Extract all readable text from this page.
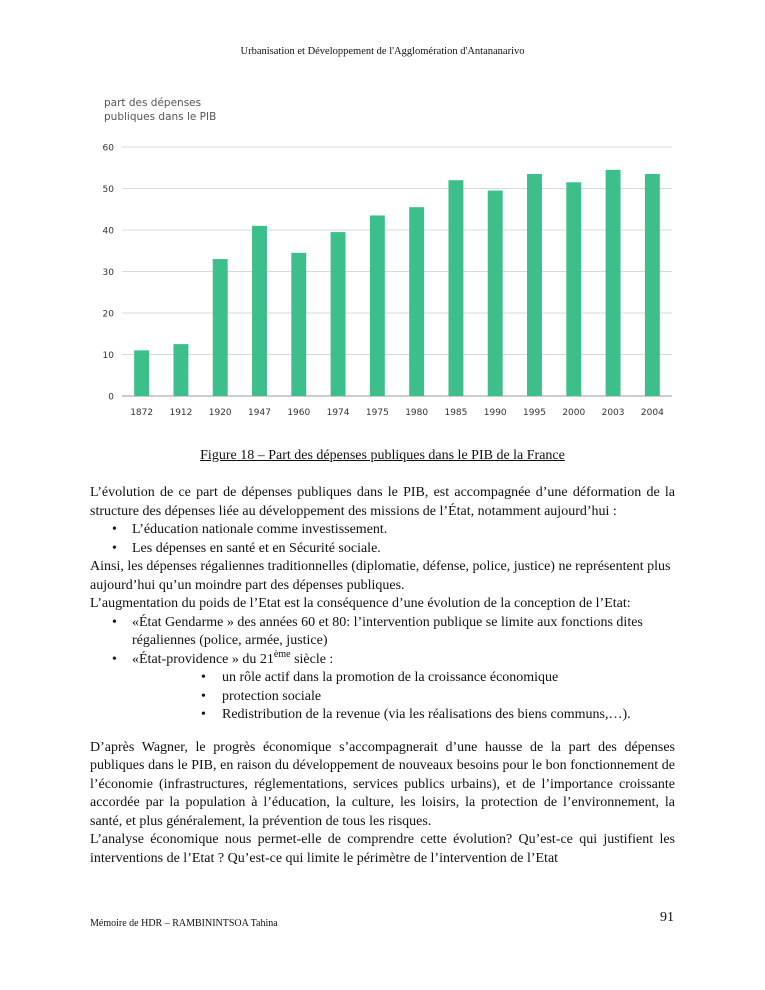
Urbanisation et Développement de l'Agglomération d'Antananarivo
part des dépenses
publiques dans le PIB
0
10
20
30
40
50
60
1872 1912 1920 1947 1960 1974 1975 1980 1985 1990 1995 2000 2003 2004
Figure 18 – Part des dépenses publiques dans le PIB de la France

L’évolution de ce part de dépenses publiques dans le PIB, est accompagnée d’une déformation de la structure des dépenses liée au développement des missions de l’État, notamment aujourd’hui :

• L’éducation nationale comme investissement.
• Les dépenses en santé et en Sécurité sociale.

Ainsi, les dépenses régaliennes traditionnelles (diplomatie, défense, police, justice) ne représentent plus aujourd’hui qu’un moindre part des dépenses publiques.

L’augmentation du poids de l’Etat est la conséquence d’une évolution de la conception de l’Etat:

• «État Gendarme » des années 60 et 80: l’intervention publique se limite aux fonctions dites régaliennes (police, armée, justice)
• «État-providence » du 21ème siècle :
• un rôle actif dans la promotion de la croissance économique
• protection sociale
• Redistribution de la revenue (via les réalisations des biens communs,…).

D’après Wagner, le progrès économique s’accompagnerait d’une hausse de la part des dépenses publiques dans le PIB, en raison du développement de nouveaux besoins pour le bon fonctionnement de l’économie (infrastructures, réglementations, services publics urbains), et de l’importance croissante accordée par la population à l’éducation, la culture, les loisirs, la protection de l’environnement, la santé, et plus généralement, la prévention de tous les risques.

L’analyse économique nous permet-elle de comprendre cette évolution? Qu’est-ce qui justifient les interventions de l’Etat ? Qu’est-ce qui limite le périmètre de l’intervention de l’Etat

Mémoire de HDR – RAMBININTSOA Tahina	91
